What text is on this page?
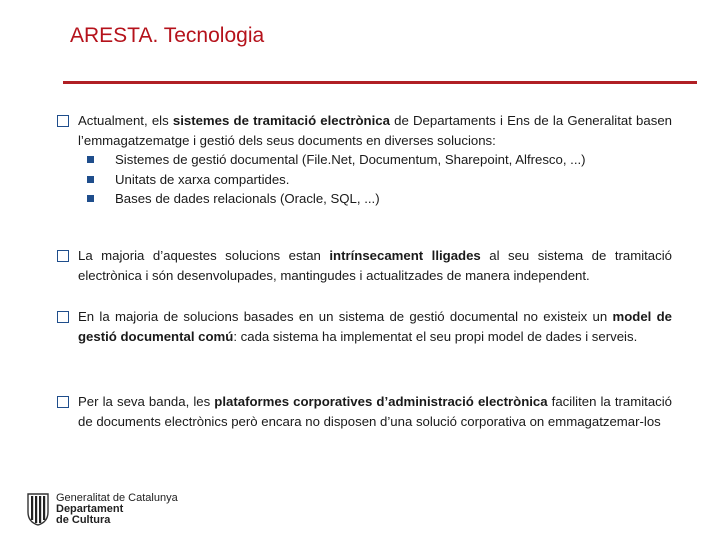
ARESTA. Tecnologia
Actualment, els sistemes de tramitació electrònica de Departaments i Ens de la Generalitat basen l’emmagatzematge i gestió dels seus documents en diverses solucions:
Sistemes de gestió documental (File.Net, Documentum, Sharepoint, Alfresco, ...)
Unitats de xarxa compartides.
Bases de dades relacionals (Oracle, SQL, ...)
La majoria d’aquestes solucions estan intrínsecament lligades al seu sistema de tramitació electrònica i són desenvolupades, mantingudes i actualitzades de manera independent.
En la majoria de solucions basades en un sistema de gestió documental no existeix un model de gestió documental comú: cada sistema ha implementat el seu propi model de dades i serveis.
Per la seva banda, les plataformes corporatives d’administració electrònica faciliten la tramitació de documents electrònics però encara no disposen d’una solució corporativa on emmagatzemar-los
Generalitat de Catalunya
Departament
de Cultura
